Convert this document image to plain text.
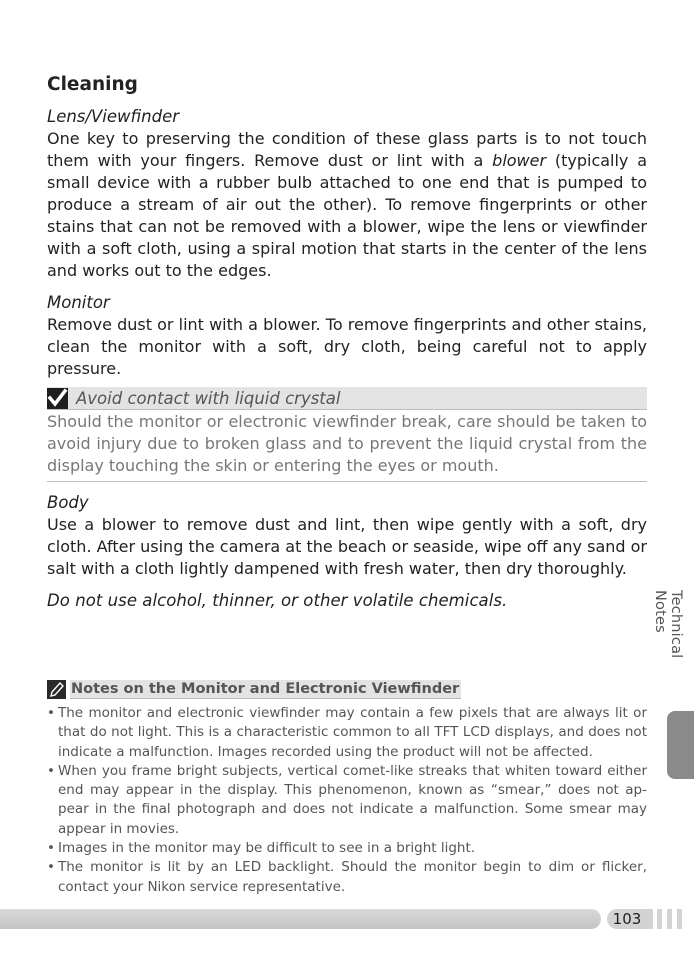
Cleaning
Lens/Viewfinder
One key to preserving the condition of these glass parts is to not touch them with your fingers. Remove dust or lint with a blower (typically a small device with a rubber bulb attached to one end that is pumped to produce a stream of air out the other). To remove fingerprints or other stains that can not be removed with a blower, wipe the lens or viewfinder with a soft cloth, using a spiral motion that starts in the center of the lens and works out to the edges.
Monitor
Remove dust or lint with a blower. To remove fingerprints and other stains, clean the monitor with a soft, dry cloth, being careful not to apply pressure.
Avoid contact with liquid crystal
Should the monitor or electronic viewfinder break, care should be taken to avoid injury due to broken glass and to prevent the liquid crystal from the display touching the skin or entering the eyes or mouth.
Body
Use a blower to remove dust and lint, then wipe gently with a soft, dry cloth. After using the camera at the beach or seaside, wipe off any sand or salt with a cloth lightly dampened with fresh water, then dry thoroughly.
Do not use alcohol, thinner, or other volatile chemicals.
Notes on the Monitor and Electronic Viewfinder
• The monitor and electronic viewfinder may contain a few pixels that are always lit or that do not light. This is a characteristic common to all TFT LCD displays, and does not indicate a malfunction. Images recorded using the product will not be affected.
• When you frame bright subjects, vertical comet-like streaks that whiten toward either end may appear in the display. This phenomenon, known as “smear,” does not ap-pear in the final photograph and does not indicate a malfunction. Some smear may appear in movies.
• Images in the monitor may be difficult to see in a bright light.
• The monitor is lit by an LED backlight. Should the monitor begin to dim or flicker, contact your Nikon service representative.
Technical Notes
103
